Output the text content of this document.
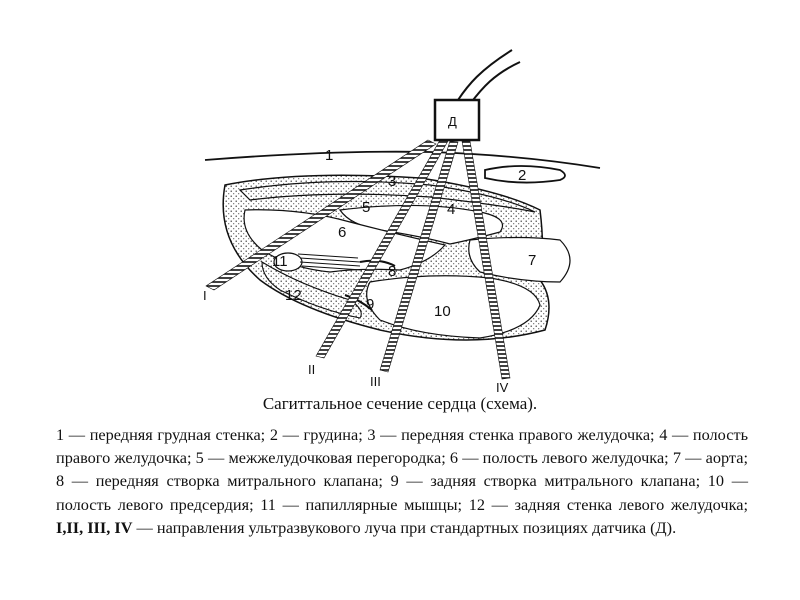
Д
1
2
3
4
5
6
7
8
9	10
11
12
I
II
III	IV
Сагиттальное сечение сердца (схема).
1 — передняя грудная стенка; 2 — грудина; 3 — передняя стенка правого желудочка; 4 — полость правого желудочка; 5 — межжелудочковая перегородка; 6 — полость левого желудочка; 7 — аорта; 8 — передняя створка митрального клапана; 9 — задняя створка митрального клапана; 10 — полость левого предсердия; 11 — папиллярные мышцы; 12 — задняя стенка левого желудочка; I,II, III, IV — направления ультразвукового луча при стандартных позициях датчика (Д).
